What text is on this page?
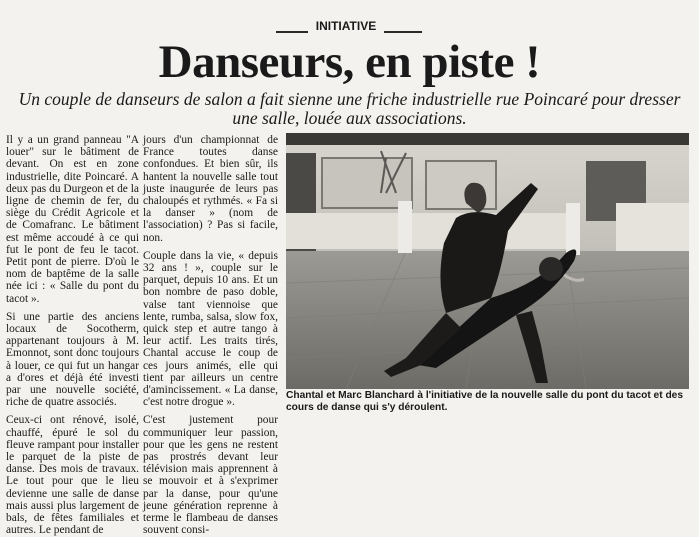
INITIATIVE
Danseurs, en piste !
Un couple de danseurs de salon a fait sienne une friche industrielle rue Poincaré pour dresser une salle, louée aux associations.

Il y a un grand panneau "A louer" sur le bâtiment de devant. On est en zone industrielle, dite Poincaré. A deux pas du Durgeon et de la ligne de chemin de fer, du siège du Crédit Agricole et de Comafranc. Le bâtiment est même accoudé à ce qui fut le pont de feu le tacot. Petit pont de pierre. D'où le nom de baptême de la salle née ici : « Salle du pont du tacot ».

Si une partie des anciens locaux de Socotherm, appartenant toujours à M. Emonnot, sont donc toujours à louer, ce qui fut un hangar a d'ores et déjà été investi par une nouvelle société, riche de quatre associés.

Ceux-ci ont rénové, isolé, chauffé, épuré le sol du fleuve rampant pour installer le parquet de la piste de danse. Des mois de travaux. Le tout pour que le lieu devienne une salle de danse mais aussi plus largement de bals, de fêtes familiales et autres. Le pendant de

jours d'un championnat de France toutes danse confondues. Et bien sûr, ils hantent la nouvelle salle tout juste inaugurée de leurs pas chaloupés et rythmés. « Fa si la danser » (nom de l'association) ? Pas si facile, non.

Couple dans la vie, « depuis 32 ans ! », couple sur le parquet, depuis 10 ans. Et un bon nombre de paso doble, valse tant viennoise que lente, rumba, salsa, slow fox, quick step et autre tango à leur actif. Les traits tirés, Chantal accuse le coup de ces jours animés, elle qui tient par ailleurs un centre d'amincissement. « La danse, c'est notre drogue ».

C'est justement pour communiquer leur passion, pour que les gens ne restent pas prostrés devant leur télévision mais apprennent à se mouvoir et à s'exprimer par la danse, pour qu'une jeune génération reprenne à terme le flambeau de danses souvent consi-

Chantal et Marc Blanchard à l'initiative de la nouvelle salle du pont du tacot et des cours de danse qui s'y déroulent.
